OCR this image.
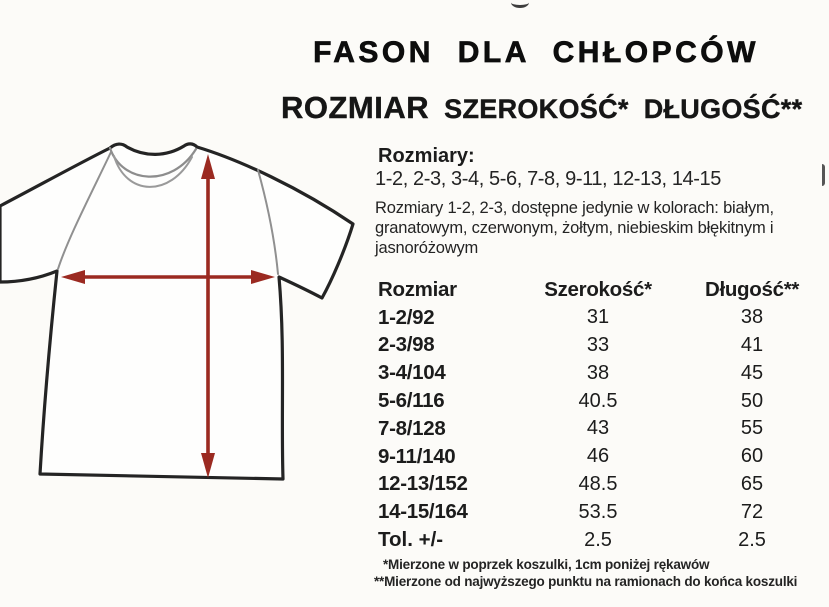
FASON DLA CHŁOPCÓW
ROZMIAR SZEROKOŚĆ* DŁUGOŚĆ**
Rozmiary:
1-2, 2-3, 3-4, 5-6, 7-8, 9-11, 12-13, 14-15
Rozmiary 1-2, 2-3, dostępne jedynie w kolorach: białym,
granatowym, czerwonym, żołtym, niebieskim błękitnym i
jasnoróżowym
Rozmiar	Szerokość*	Długość**
1-2/92	31	38
2-3/98	33	41
3-4/104	38	45
5-6/116	40.5	50
7-8/128	43	55
9-11/140	46	60
12-13/152	48.5	65
14-15/164	53.5	72
Tol. +/-	2.5	2.5
*Mierzone w poprzek koszulki, 1cm poniżej rękawów
**Mierzone od najwyższego punktu na ramionach do końca koszulki
